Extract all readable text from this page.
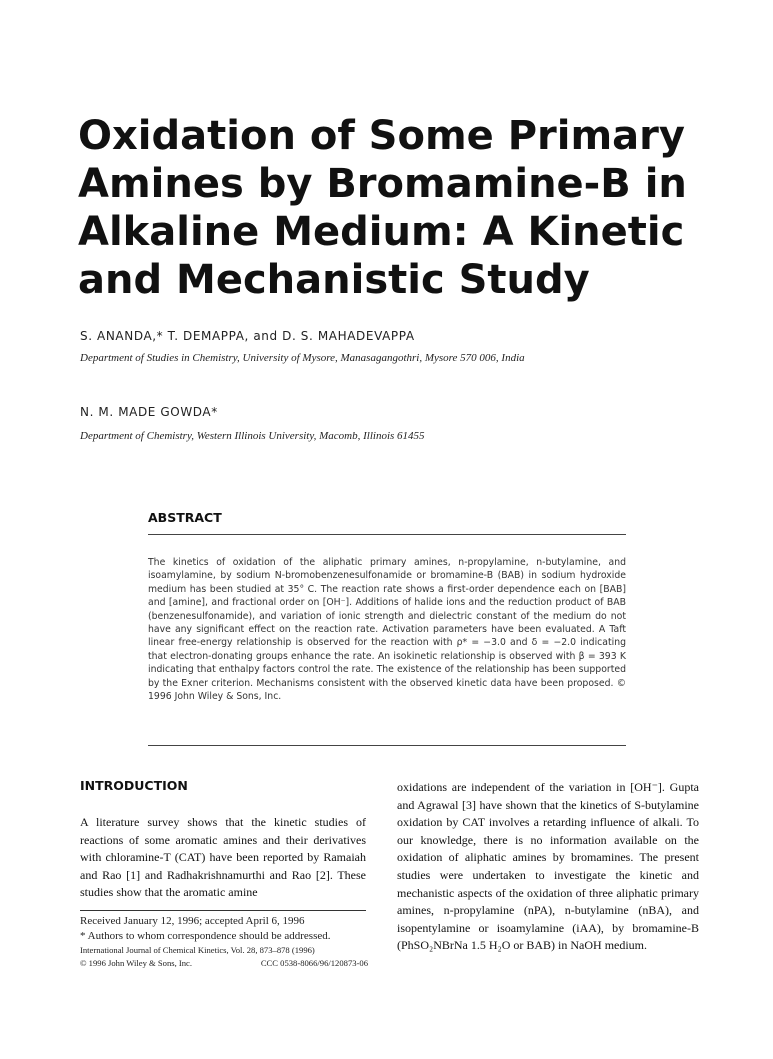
Oxidation of Some Primary Amines by Bromamine-B in Alkaline Medium: A Kinetic and Mechanistic Study
S. ANANDA,* T. DEMAPPA, and D. S. MAHADEVAPPA
Department of Studies in Chemistry, University of Mysore, Manasagangothri, Mysore 570 006, India
N. M. MADE GOWDA*
Department of Chemistry, Western Illinois University, Macomb, Illinois 61455
ABSTRACT
The kinetics of oxidation of the aliphatic primary amines, n-propylamine, n-butylamine, and isoamylamine, by sodium N-bromobenzenesulfonamide or bromamine-B (BAB) in sodium hydroxide medium has been studied at 35° C. The reaction rate shows a first-order dependence each on [BAB] and [amine], and fractional order on [OH⁻]. Additions of halide ions and the reduction product of BAB (benzenesulfonamide), and variation of ionic strength and dielectric constant of the medium do not have any significant effect on the reaction rate. Activation parameters have been evaluated. A Taft linear free-energy relationship is observed for the reaction with ρ* = −3.0 and δ = −2.0 indicating that electron-donating groups enhance the rate. An isokinetic relationship is observed with β = 393 K indicating that enthalpy factors control the rate. The existence of the relationship has been supported by the Exner criterion. Mechanisms consistent with the observed kinetic data have been proposed. © 1996 John Wiley & Sons, Inc.
INTRODUCTION
A literature survey shows that the kinetic studies of reactions of some aromatic amines and their derivatives with chloramine-T (CAT) have been reported by Ramaiah and Rao [1] and Radhakrishnamurthi and Rao [2]. These studies show that the aromatic amine
oxidations are independent of the variation in [OH⁻]. Gupta and Agrawal [3] have shown that the kinetics of S-butylamine oxidation by CAT involves a retarding influence of alkali. To our knowledge, there is no information available on the oxidation of aliphatic amines by bromamines. The present studies were undertaken to investigate the kinetic and mechanistic aspects of the oxidation of three aliphatic primary amines, n-propylamine (nPA), n-butylamine (nBA), and isopentylamine or isoamylamine (iAA), by bromamine-B (PhSO₂NBrNa 1.5 H₂O or BAB) in NaOH medium.
Received January 12, 1996; accepted April 6, 1996
* Authors to whom correspondence should be addressed.
International Journal of Chemical Kinetics, Vol. 28, 873–878 (1996)
© 1996 John Wiley & Sons, Inc.	CCC 0538-8066/96/120873-06
